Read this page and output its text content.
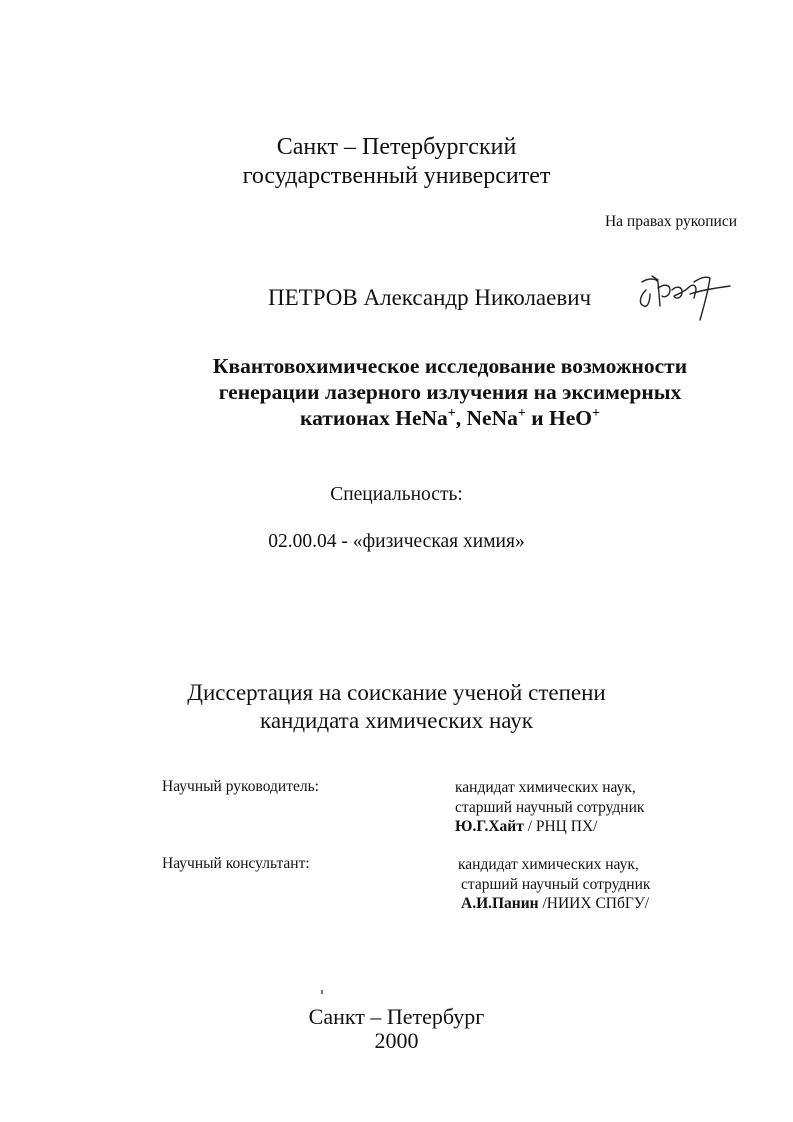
Санкт – Петербургский
государственный университет
На правах рукописи
ПЕТРОВ Александр Николаевич
Квантовохимическое исследование возможности
генерации лазерного излучения на эксимерных
катионах HeNa+, NeNa+ и HeO+
Специальность:
02.00.04 - «физическая химия»
Диссертация на соискание ученой степени
кандидата химических наук
Научный руководитель:	кандидат химических наук,
старший научный сотрудник
Ю.Г.Хайт / РНЦ ПХ/
Научный консультант:	кандидат химических наук,
старший научный сотрудник
А.И.Панин /НИИХ СПбГУ/
Санкт – Петербург
2000
